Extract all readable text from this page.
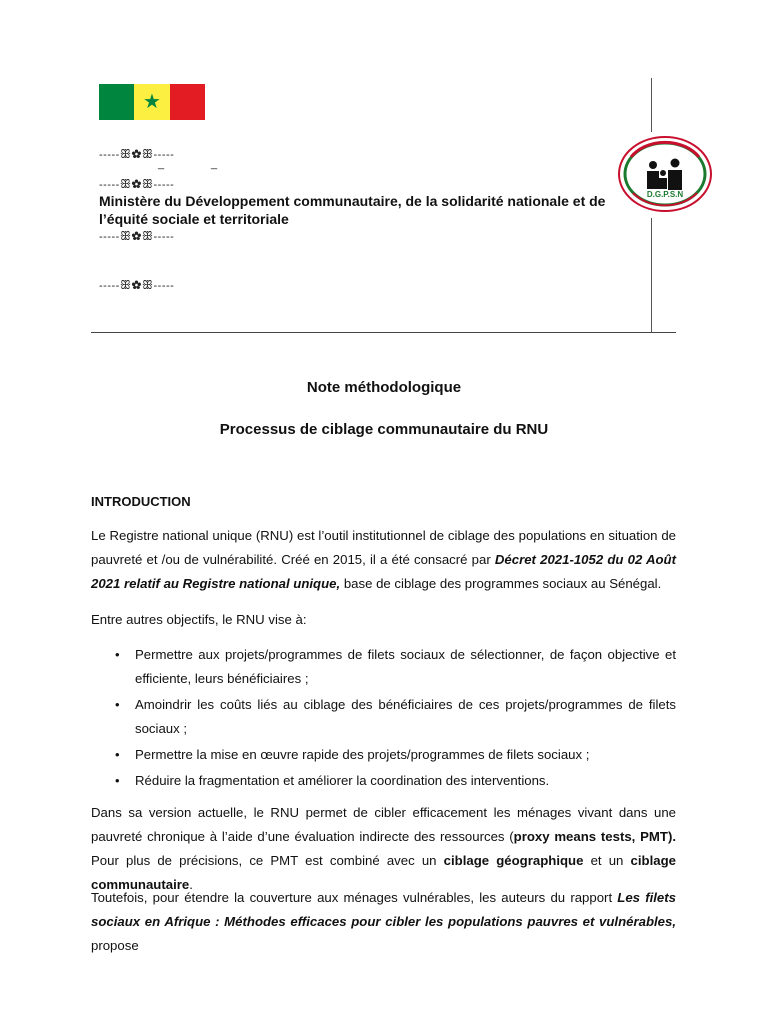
★
-----ꕥ✿ꕥ-----
_	_
-----ꕥ✿ꕥ-----
Ministère du Développement communautaire, de la solidarité nationale et de l’équité sociale et territoriale
-----ꕥ✿ꕥ-----
-----ꕥ✿ꕥ-----
D.G.P.S.N
Note méthodologique
Processus de ciblage communautaire du RNU
INTRODUCTION
Le Registre national unique (RNU) est l’outil institutionnel de ciblage des populations en situation de pauvreté et /ou de vulnérabilité. Créé en 2015, il a été consacré par Décret 2021-1052 du 02 Août 2021 relatif au Registre national unique, base de ciblage des programmes sociaux au Sénégal.
Entre autres objectifs, le RNU vise à:
• Permettre aux projets/programmes de filets sociaux de sélectionner, de façon objective et efficiente, leurs bénéficiaires ;
• Amoindrir les coûts liés au ciblage des bénéficiaires de ces projets/programmes de filets sociaux ;
• Permettre la mise en œuvre rapide des projets/programmes de filets sociaux ;
• Réduire la fragmentation et améliorer la coordination des interventions.
Dans sa version actuelle, le RNU permet de cibler efficacement les ménages vivant dans une pauvreté chronique à l’aide d’une évaluation indirecte des ressources (proxy means tests, PMT). Pour plus de précisions, ce PMT est combiné avec un ciblage géographique et un ciblage communautaire.
Toutefois, pour étendre la couverture aux ménages vulnérables, les auteurs du rapport Les filets sociaux en Afrique : Méthodes efficaces pour cibler les populations pauvres et vulnérables, propose
